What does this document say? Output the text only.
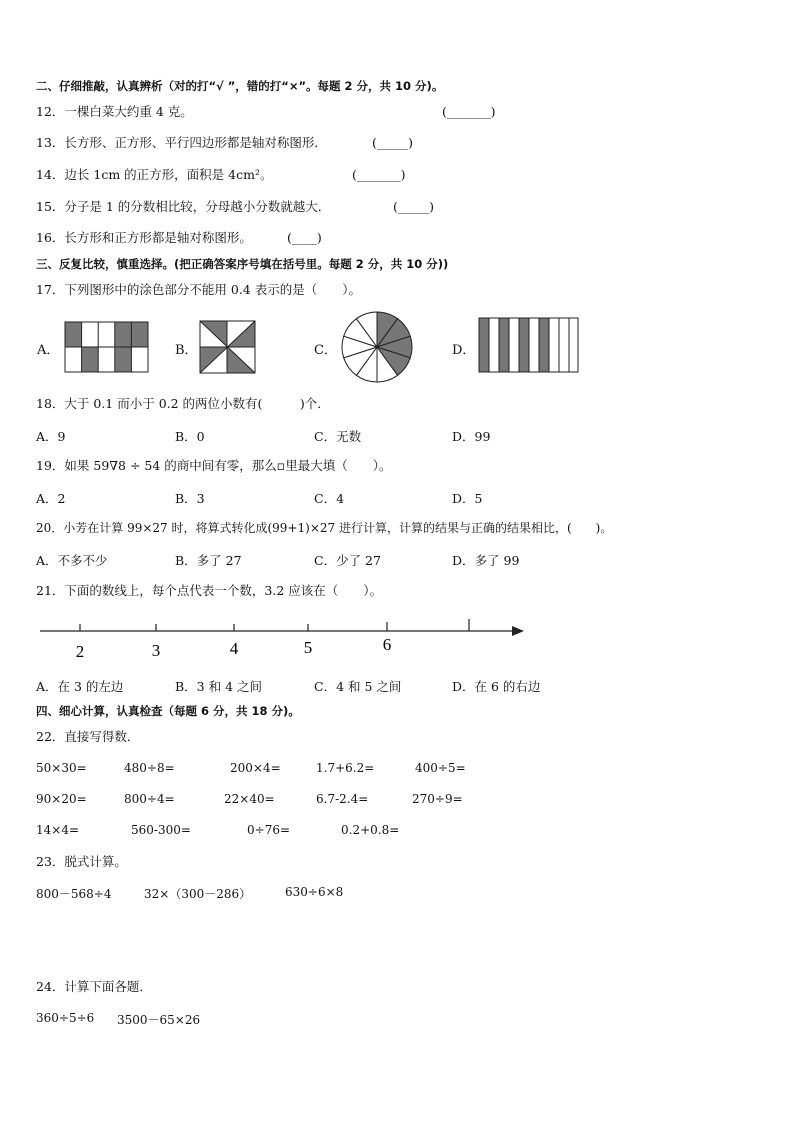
二、仔细推敲，认真辨析（对的打“√ ”，错的打“×”。每题 2 分，共 10 分)。
12．一棵白菜大约重 4 克。	(_______)
13．长方形、正方形、平行四边形都是轴对称图形．	(_____)
14．边长 1cm 的正方形，面积是 4cm²。	(_______)
15．分子是 1 的分数相比较，分母越小分数就越大．	(_____)
16．长方形和正方形都是轴对称图形。	(____)
三、反复比较，慎重选择。(把正确答案序号填在括号里。每题 2 分，共 10 分))
17．下列图形中的涂色部分不能用 0.4 表示的是（　　）。
A．	B．	C．	D．
18．大于 0.1 而小于 0.2 的两位小数有(　　　)个．
A．9	B．0	C．无数	D．99
19．如果 59∇8 ÷ 54 的商中间有零，那么▫里最大填（　　）。
A．2	B．3	C．4	D．5
20．小芳在计算 99×27 时，将算式转化成(99+1)×27 进行计算，计算的结果与正确的结果相比，(　　)。
A．不多不少	B．多了 27	C．少了 27	D．多了 99
21．下面的数线上，每个点代表一个数，3.2 应该在（　　）。
2	3	4	5	6
A．在 3 的左边	B．3 和 4 之间	C．4 和 5 之间	D．在 6 的右边
四、细心计算，认真检查（每题 6 分，共 18 分)。
22．直接写得数．
50×30=	480÷8=	200×4=	1.7+6.2=	400÷5=
90×20=	800÷4=	22×40=	6.7-2.4=	270÷9=
14×4=	560-300=	0÷76=	0.2+0.8=
23．脱式计算。
800－568÷4	32×（300－286）	630÷6×8
24．计算下面各题．
360÷5÷6 3500－65×26
